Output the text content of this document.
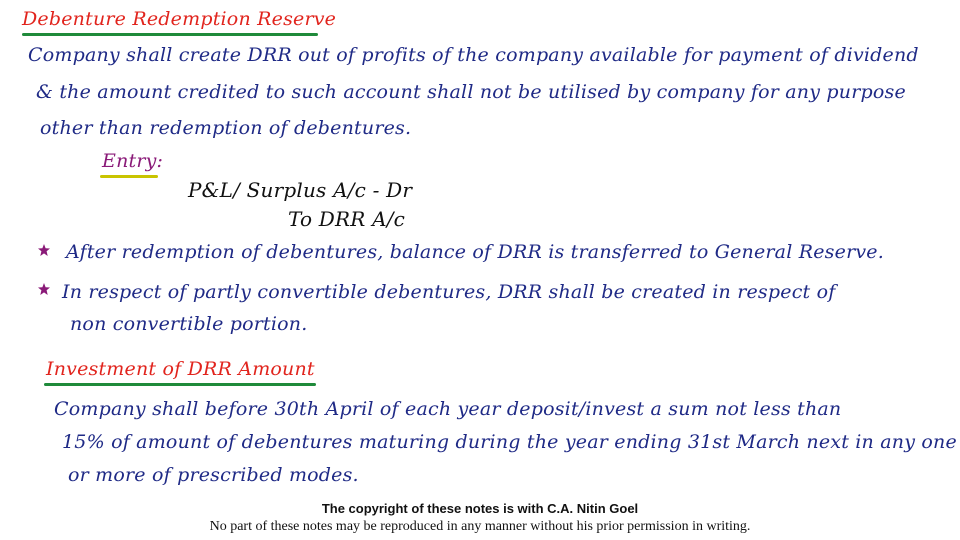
Debenture Redemption Reserve
Company shall create DRR out of profits of the company available for payment of dividend
& the amount credited to such account shall not be utilised by company for any purpose
other than redemption of debentures.
Entry:
P&L/ Surplus A/c - Dr
To DRR A/c
After redemption of debentures, balance of DRR is transferred to General Reserve.
In respect of partly convertible debentures, DRR shall be created in respect of
non convertible portion.
Investment of DRR Amount
Company shall before 30th April of each year deposit/invest a sum not less than
15% of amount of debentures maturing during the year ending 31st March next in any one
or more of prescribed modes.
The copyright of these notes is with C.A. Nitin Goel
No part of these notes may be reproduced in any manner without his prior permission in writing.
